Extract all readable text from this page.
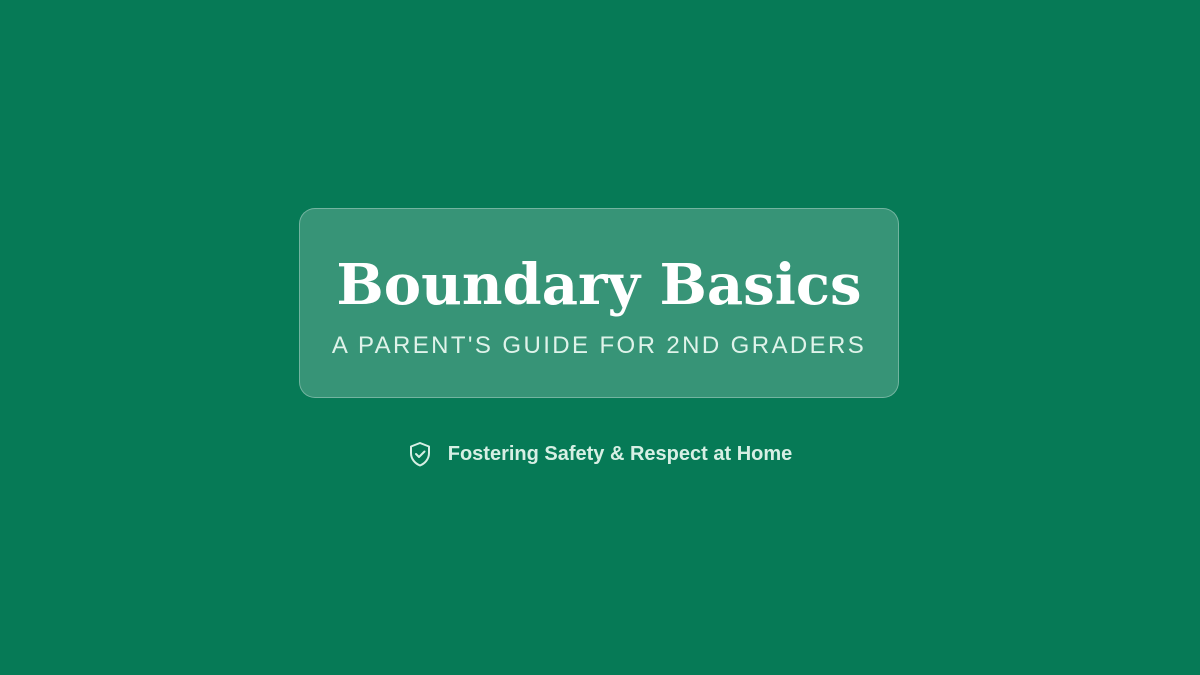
Boundary Basics

A PARENT'S GUIDE FOR 2ND GRADERS

Fostering Safety & Respect at Home
